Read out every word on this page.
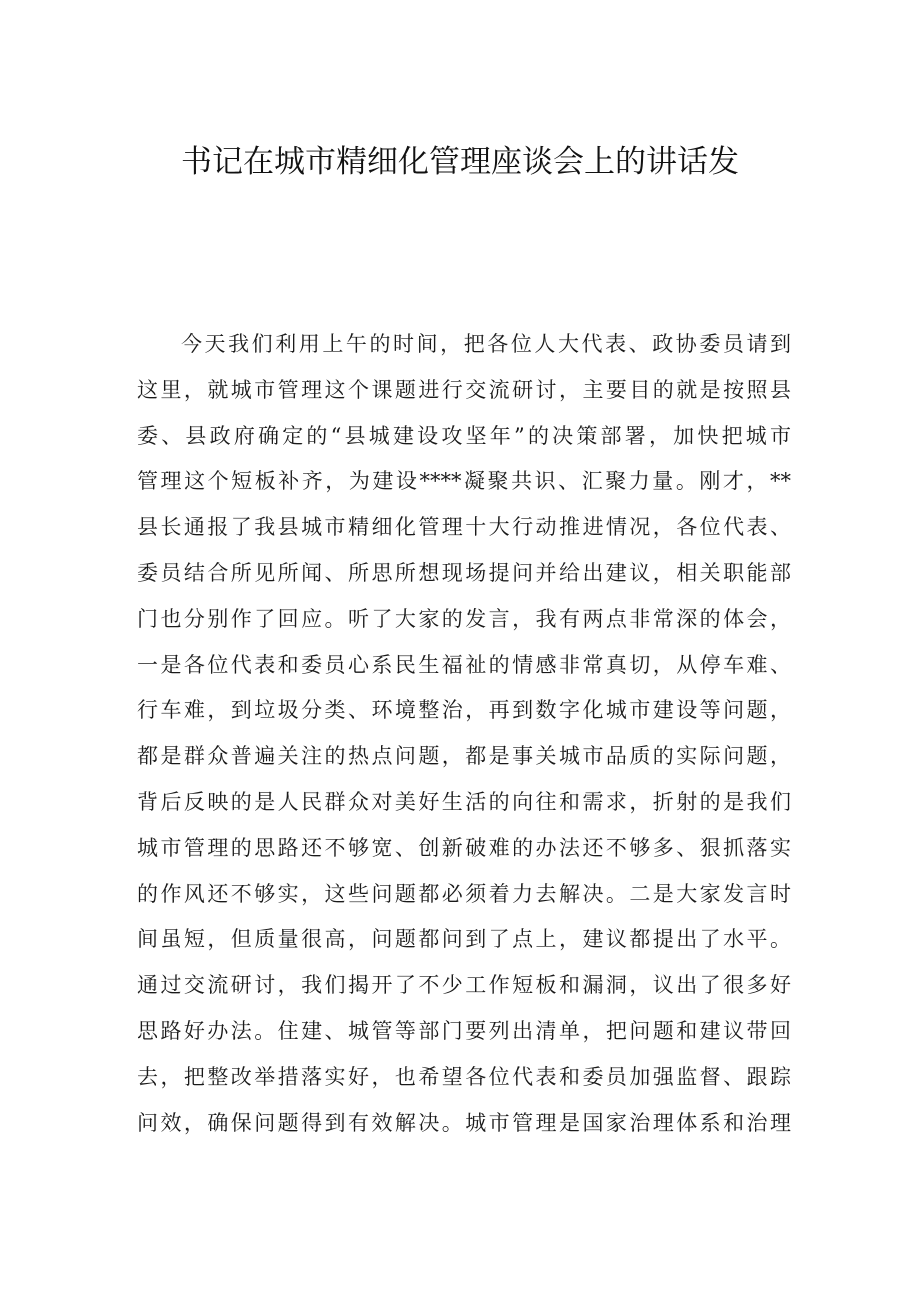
书记在城市精细化管理座谈会上的讲话发
今天我们利用上午的时间，把各位人大代表、政协委员请到
这里，就城市管理这个课题进行交流研讨，主要目的就是按照县
委、县政府确定的“县城建设攻坚年”的决策部署，加快把城市
管理这个短板补齐，为建设****凝聚共识、汇聚力量。刚才，**
县长通报了我县城市精细化管理十大行动推进情况，各位代表、
委员结合所见所闻、所思所想现场提问并给出建议，相关职能部
门也分别作了回应。听了大家的发言，我有两点非常深的体会，
一是各位代表和委员心系民生福祉的情感非常真切，从停车难、
行车难，到垃圾分类、环境整治，再到数字化城市建设等问题，
都是群众普遍关注的热点问题，都是事关城市品质的实际问题，
背后反映的是人民群众对美好生活的向往和需求，折射的是我们
城市管理的思路还不够宽、创新破难的办法还不够多、狠抓落实
的作风还不够实，这些问题都必须着力去解决。二是大家发言时
间虽短，但质量很高，问题都问到了点上，建议都提出了水平。
通过交流研讨，我们揭开了不少工作短板和漏洞，议出了很多好
思路好办法。住建、城管等部门要列出清单，把问题和建议带回
去，把整改举措落实好，也希望各位代表和委员加强监督、跟踪
问效，确保问题得到有效解决。城市管理是国家治理体系和治理
